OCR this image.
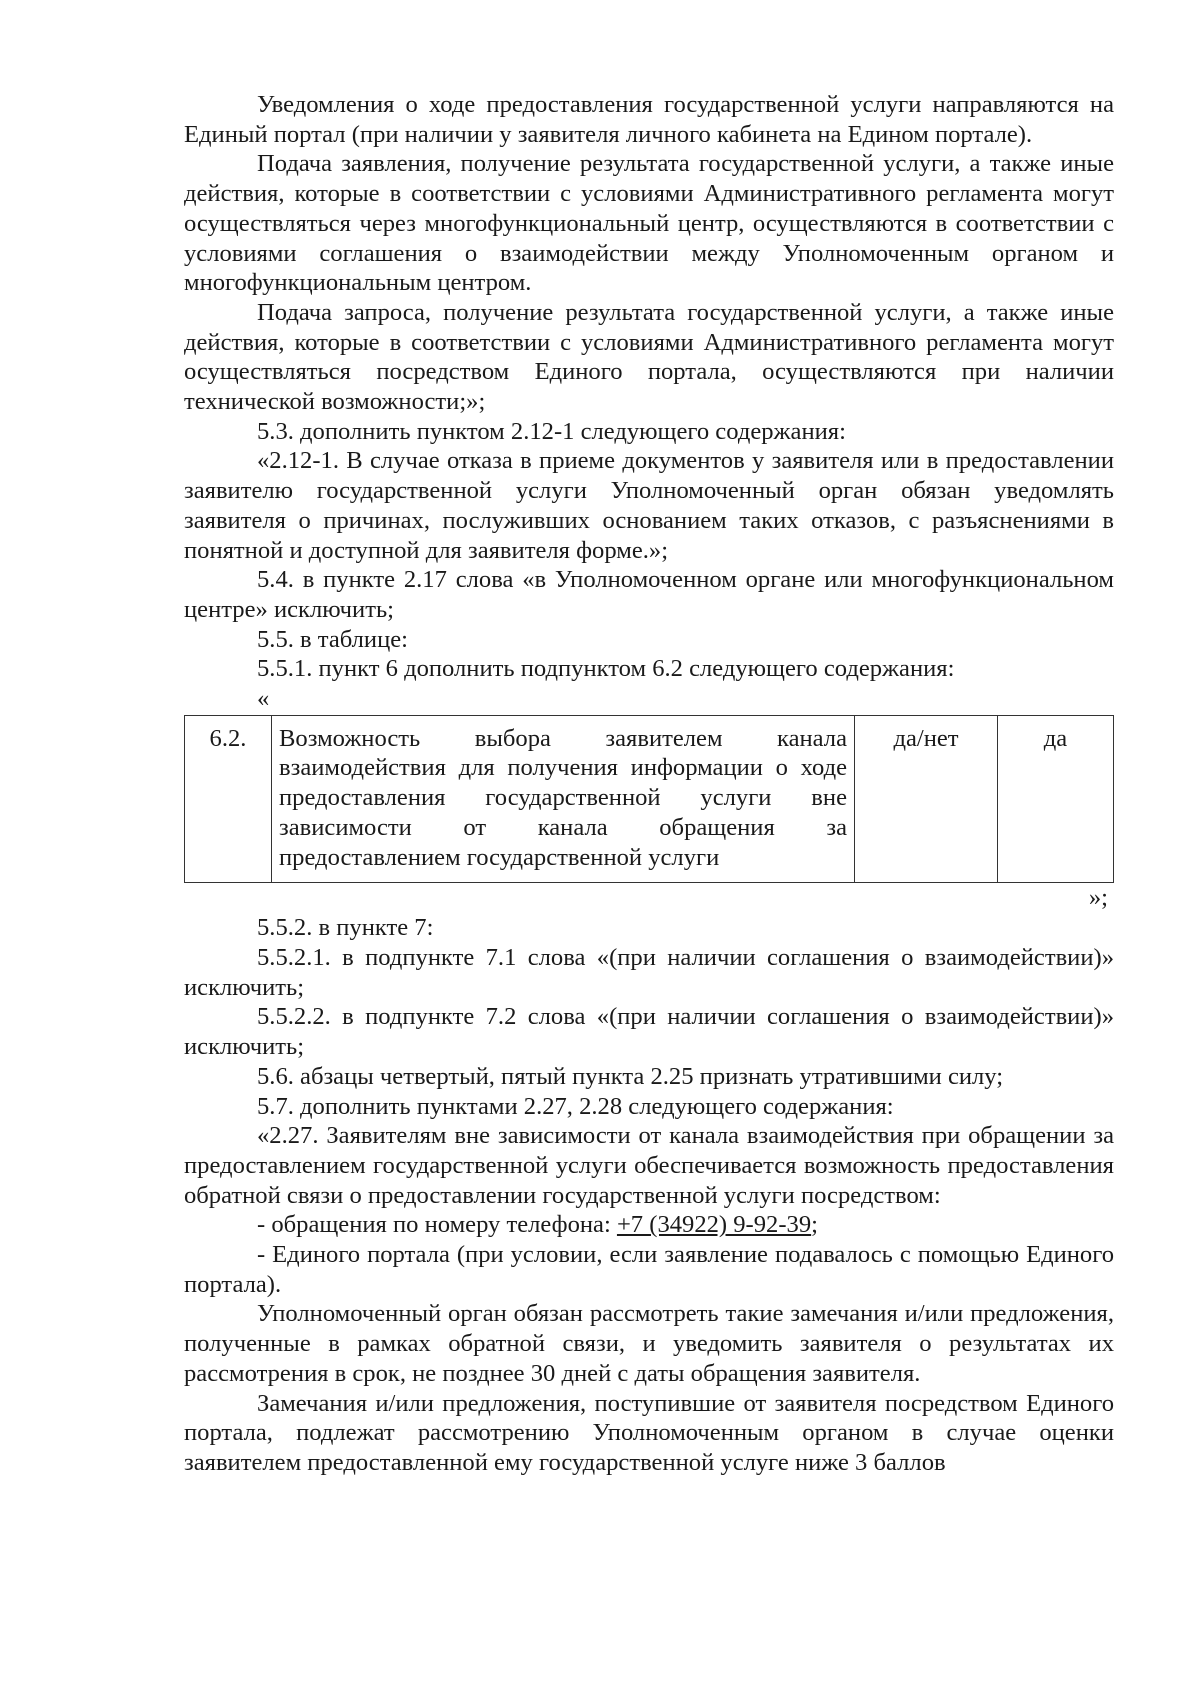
Уведомления о ходе предоставления государственной услуги направляются на Единый портал (при наличии у заявителя личного кабинета на Едином портале).

Подача заявления, получение результата государственной услуги, а также иные действия, которые в соответствии с условиями Административного регламента могут осуществляться через многофункциональный центр, осуществляются в соответствии с условиями соглашения о взаимодействии между Уполномоченным органом и многофункциональным центром.

Подача запроса, получение результата государственной услуги, а также иные действия, которые в соответствии с условиями Административного регламента могут осуществляться посредством Единого портала, осуществляются при наличии технической возможности;»;

5.3. дополнить пунктом 2.12-1 следующего содержания:

«2.12-1. В случае отказа в приеме документов у заявителя или в предоставлении заявителю государственной услуги Уполномоченный орган обязан уведомлять заявителя о причинах, послуживших основанием таких отказов, с разъяснениями в понятной и доступной для заявителя форме.»;

5.4. в пункте 2.17 слова «в Уполномоченном органе или многофункциональном центре» исключить;

5.5. в таблице:

5.5.1. пункт 6 дополнить подпунктом 6.2 следующего содержания:

«

6.2.	Возможность выбора заявителем канала взаимодействия для получения информации о ходе предоставления государственной услуги вне зависимости от канала обращения за предоставлением государственной услуги	да/нет	да
»;

5.5.2. в пункте 7:

5.5.2.1. в подпункте 7.1 слова «(при наличии соглашения о взаимодействии)» исключить;

5.5.2.2. в подпункте 7.2 слова «(при наличии соглашения о взаимодействии)» исключить;

5.6. абзацы четвертый, пятый пункта 2.25 признать утратившими силу;

5.7. дополнить пунктами 2.27, 2.28 следующего содержания:

«2.27. Заявителям вне зависимости от канала взаимодействия при обращении за предоставлением государственной услуги обеспечивается возможность предоставления обратной связи о предоставлении государственной услуги посредством:

- обращения по номеру телефона: +7 (34922) 9-92-39;

- Единого портала (при условии, если заявление подавалось с помощью Единого портала).

Уполномоченный орган обязан рассмотреть такие замечания и/или предложения, полученные в рамках обратной связи, и уведомить заявителя о результатах их рассмотрения в срок, не позднее 30 дней с даты обращения заявителя.

Замечания и/или предложения, поступившие от заявителя посредством Единого портала, подлежат рассмотрению Уполномоченным органом в случае оценки заявителем предоставленной ему государственной услуге ниже 3 баллов
